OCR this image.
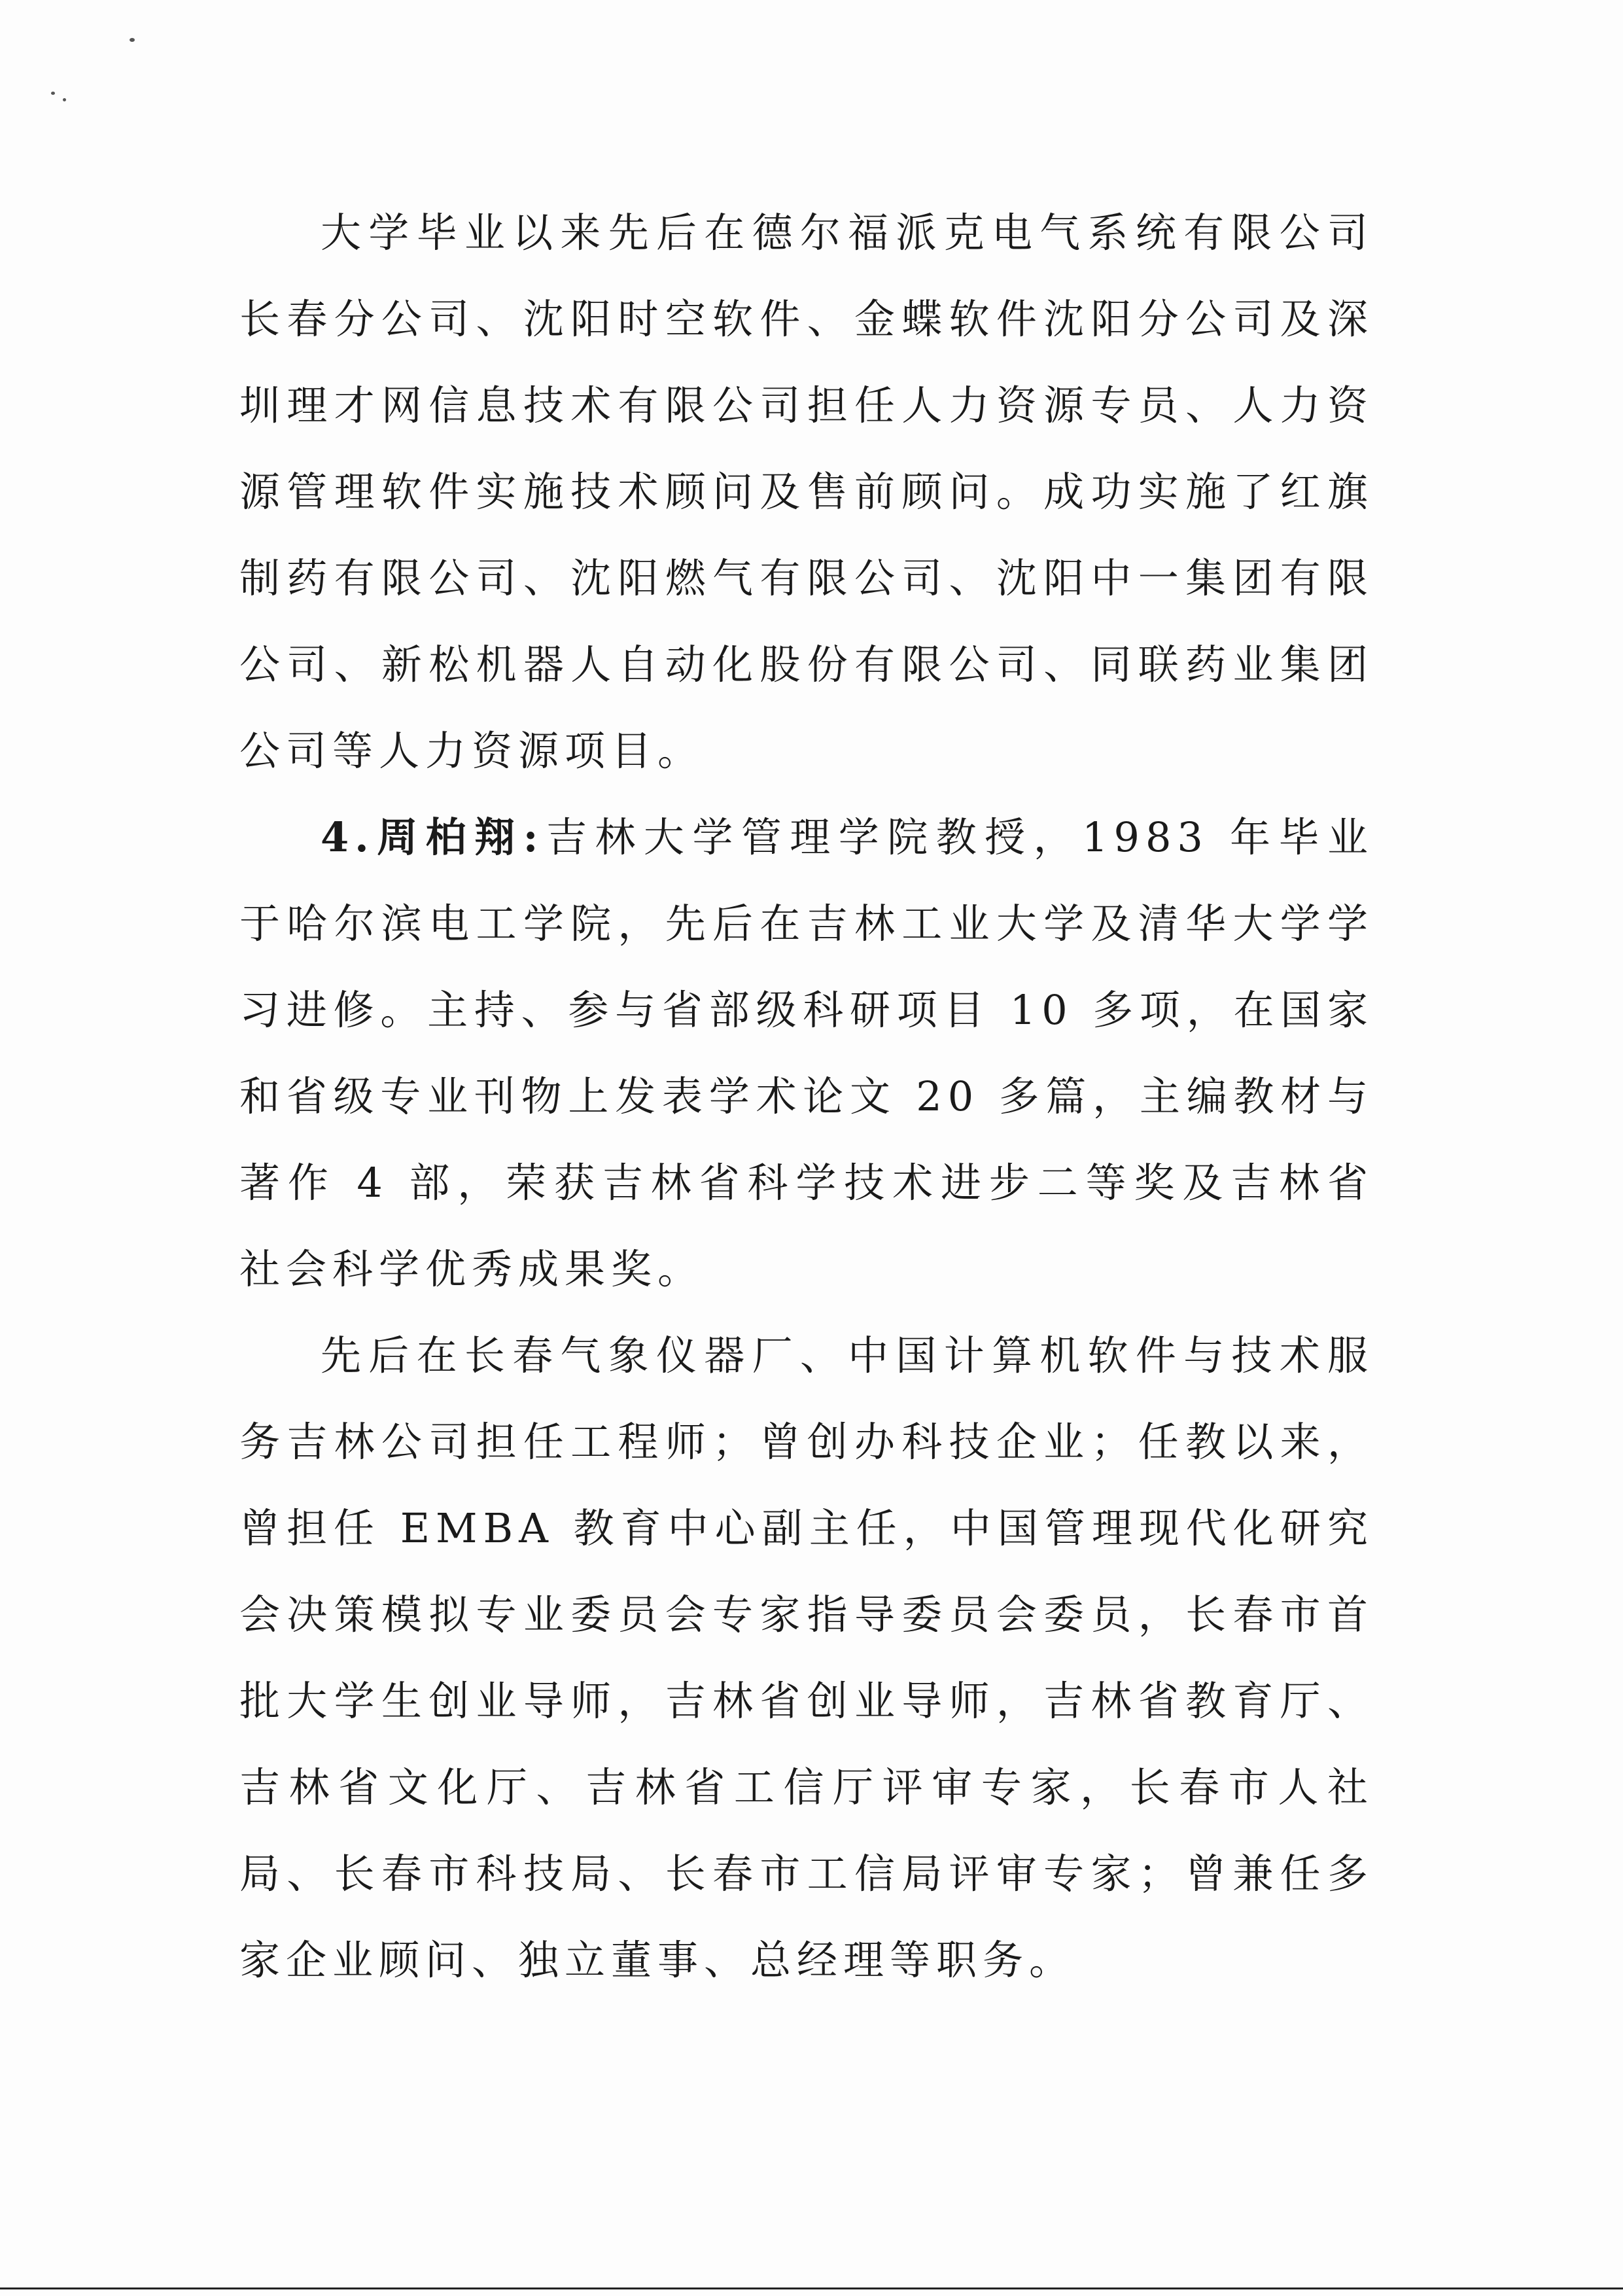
大学毕业以来先后在德尔福派克电气系统有限公司长春分公司、沈阳时空软件、金蝶软件沈阳分公司及深圳理才网信息技术有限公司担任人力资源专员、人力资源管理软件实施技术顾问及售前顾问。成功实施了红旗制药有限公司、沈阳燃气有限公司、沈阳中一集团有限公司、新松机器人自动化股份有限公司、同联药业集团公司等人力资源项目。

4.周柏翔:吉林大学管理学院教授，1983 年毕业于哈尔滨电工学院，先后在吉林工业大学及清华大学学习进修。主持、参与省部级科研项目 10 多项，在国家和省级专业刊物上发表学术论文 20 多篇，主编教材与著作 4 部，荣获吉林省科学技术进步二等奖及吉林省社会科学优秀成果奖。

先后在长春气象仪器厂、中国计算机软件与技术服务吉林公司担任工程师；曾创办科技企业；任教以来，曾担任 EMBA 教育中心副主任，中国管理现代化研究会决策模拟专业委员会专家指导委员会委员，长春市首批大学生创业导师，吉林省创业导师，吉林省教育厅、吉林省文化厅、吉林省工信厅评审专家，长春市人社局、长春市科技局、长春市工信局评审专家；曾兼任多家企业顾问、独立董事、总经理等职务。
